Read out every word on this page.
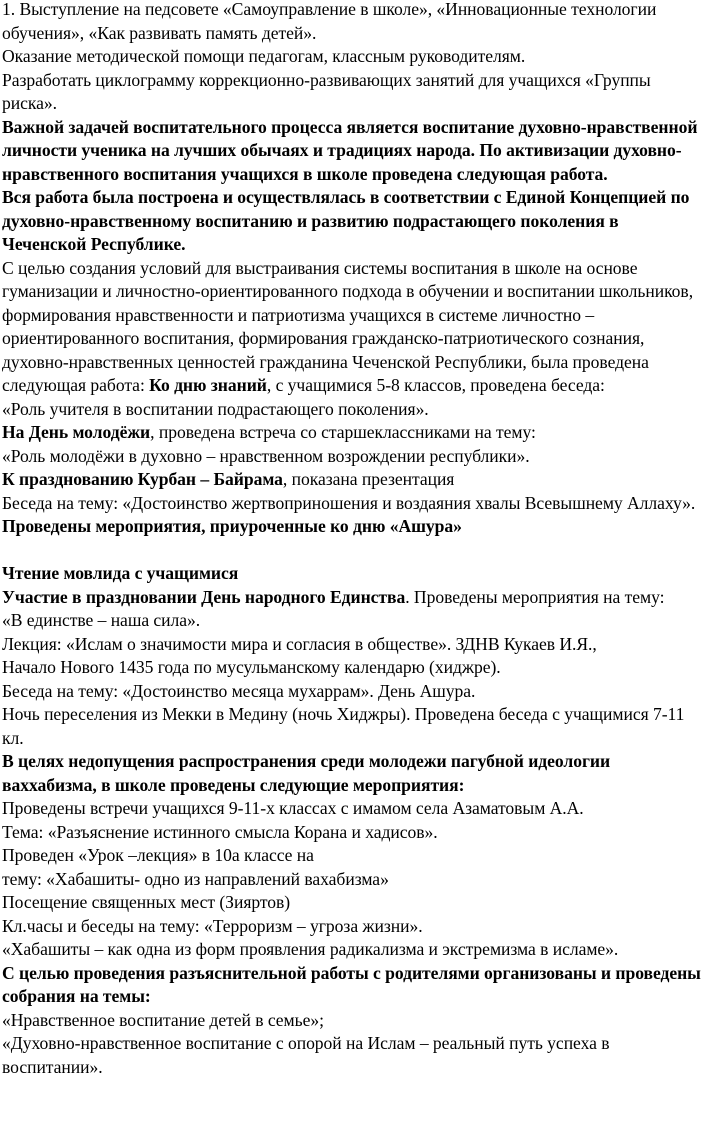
1. Выступление на педсовете «Самоуправление в школе», «Инновационные технологии обучения», «Как развивать память детей».

Оказание методической помощи педагогам, классным руководителям.

Разработать циклограмму коррекционно-развивающих занятий для учащихся «Группы риска».

Важной задачей воспитательного процесса является воспитание духовно-нравственной личности ученика на лучших обычаях и традициях народа. По активизации духовно-нравственного воспитания учащихся в школе проведена следующая работа.

Вся работа была построена и осуществлялась в соответствии с Единой Концепцией по духовно-нравственному воспитанию и развитию подрастающего поколения в Чеченской Республике.

С целью создания условий для выстраивания системы воспитания в школе на основе гуманизации и личностно-ориентированного подхода в обучении и воспитании школьников, формирования нравственности и патриотизма учащихся в системе личностно – ориентированного воспитания, формирования гражданско-патриотического сознания, духовно-нравственных ценностей гражданина Чеченской Республики, была проведена следующая работа: Ко дню знаний, с учащимися 5-8 классов, проведена беседа:

«Роль учителя в воспитании подрастающего поколения».

На День молодёжи, проведена встреча со старшеклассниками на тему:

«Роль молодёжи в духовно – нравственном возрождении республики».

К празднованию Курбан – Байрама, показана презентация

Беседа на тему: «Достоинство жертвоприношения и воздаяния хвалы Всевышнему Аллаху».

Проведены мероприятия, приуроченные ко дню «Ашура»

Чтение мовлида с учащимися

Участие в праздновании День народного Единства. Проведены мероприятия на тему:

«В единстве – наша сила».

Лекция: «Ислам о значимости мира и согласия в обществе». ЗДНВ Кукаев И.Я.,

Начало Нового 1435 года по мусульманскому календарю (хиджре).

Беседа на тему: «Достоинство месяца мухаррам». День Ашура.

Ночь переселения из Мекки в Медину (ночь Хиджры). Проведена беседа с учащимися 7-11 кл.

В целях недопущения распространения среди молодежи пагубной идеологии ваххабизма, в школе проведены следующие мероприятия:

Проведены встречи учащихся 9-11-х классах с имамом села Азаматовым А.А.

Тема: «Разъяснение истинного смысла Корана и хадисов».

Проведен «Урок –лекция» в 10а классе на

тему: «Хабашиты- одно из направлений вахабизма»

Посещение священных мест (Зияртов)

Кл.часы и беседы на тему: «Терроризм – угроза жизни».

«Хабашиты – как одна из форм проявления радикализма и экстремизма в исламе».

С целью проведения разъяснительной работы с родителями организованы и проведены собрания на темы:

«Нравственное воспитание детей в семье»;

«Духовно-нравственное воспитание с опорой на Ислам – реальный путь успеха в воспитании».
